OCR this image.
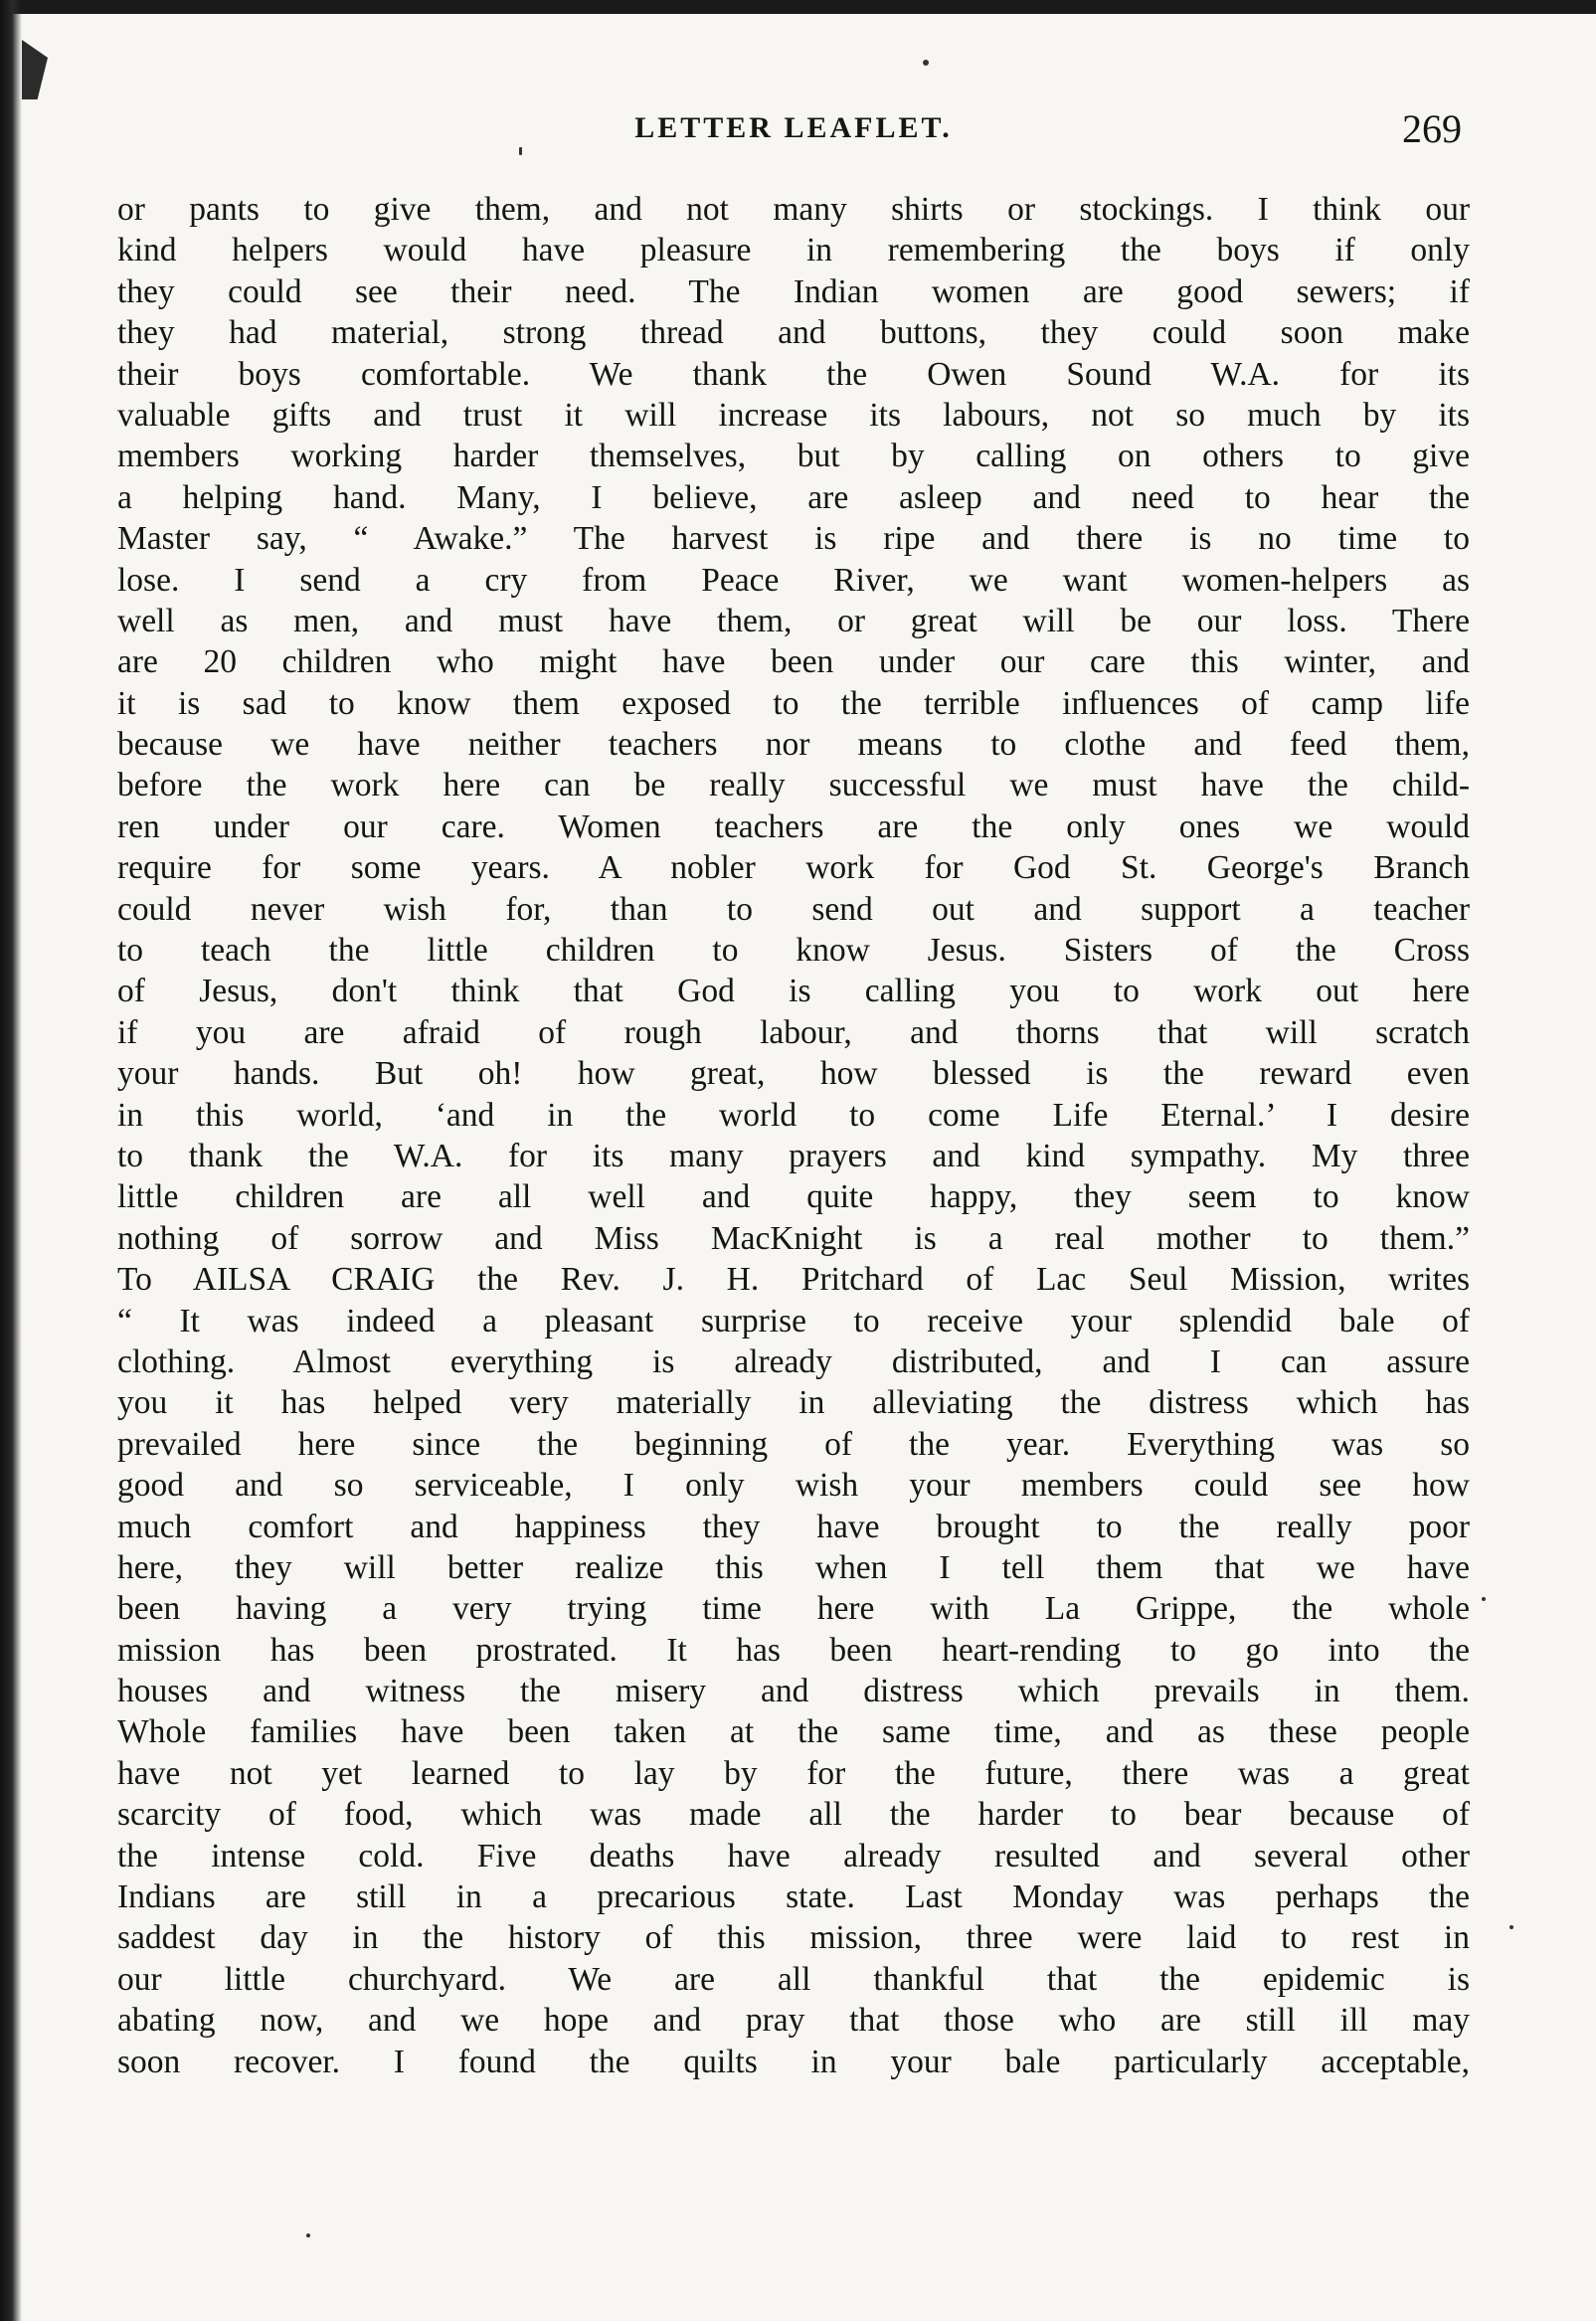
LETTER LEAFLET.	269
or pants to give them, and not many shirts or stockings. I think our
kind helpers would have pleasure in remembering the boys if only
they could see their need. The Indian women are good sewers; if
they had material, strong thread and buttons, they could soon make
their boys comfortable. We thank the Owen Sound W.A. for its
valuable gifts and trust it will increase its labours, not so much by its
members working harder themselves, but by calling on others to give
a helping hand. Many, I believe, are asleep and need to hear the
Master say, “ Awake.” The harvest is ripe and there is no time to
lose. I send a cry from Peace River, we want women-helpers as
well as men, and must have them, or great will be our loss. There
are 20 children who might have been under our care this winter, and
it is sad to know them exposed to the terrible influences of camp life
because we have neither teachers nor means to clothe and feed them,
before the work here can be really successful we must have the child-
ren under our care. Women teachers are the only ones we would
require for some years. A nobler work for God St. George's Branch
could never wish for, than to send out and support a teacher
to teach the little children to know Jesus. Sisters of the Cross
of Jesus, don't think that God is calling you to work out here
if you are afraid of rough labour, and thorns that will scratch
your hands. But oh! how great, how blessed is the reward even
in this world, ‘and in the world to come Life Eternal.’ I desire
to thank the W.A. for its many prayers and kind sympathy. My three
little children are all well and quite happy, they seem to know
nothing of sorrow and Miss MacKnight is a real mother to them.”
To AILSA CRAIG the Rev. J. H. Pritchard of Lac Seul Mission, writes
“ It was indeed a pleasant surprise to receive your splendid bale of
clothing. Almost everything is already distributed, and I can assure
you it has helped very materially in alleviating the distress which has
prevailed here since the beginning of the year. Everything was so
good and so serviceable, I only wish your members could see how
much comfort and happiness they have brought to the really poor
here, they will better realize this when I tell them that we have
been having a very trying time here with La Grippe, the whole
mission has been prostrated. It has been heart-rending to go into the
houses and witness the misery and distress which prevails in them.
Whole families have been taken at the same time, and as these people
have not yet learned to lay by for the future, there was a great
scarcity of food, which was made all the harder to bear because of
the intense cold. Five deaths have already resulted and several other
Indians are still in a precarious state. Last Monday was perhaps the
saddest day in the history of this mission, three were laid to rest in
our little churchyard. We are all thankful that the epidemic is
abating now, and we hope and pray that those who are still ill may
soon recover. I found the quilts in your bale particularly acceptable,
